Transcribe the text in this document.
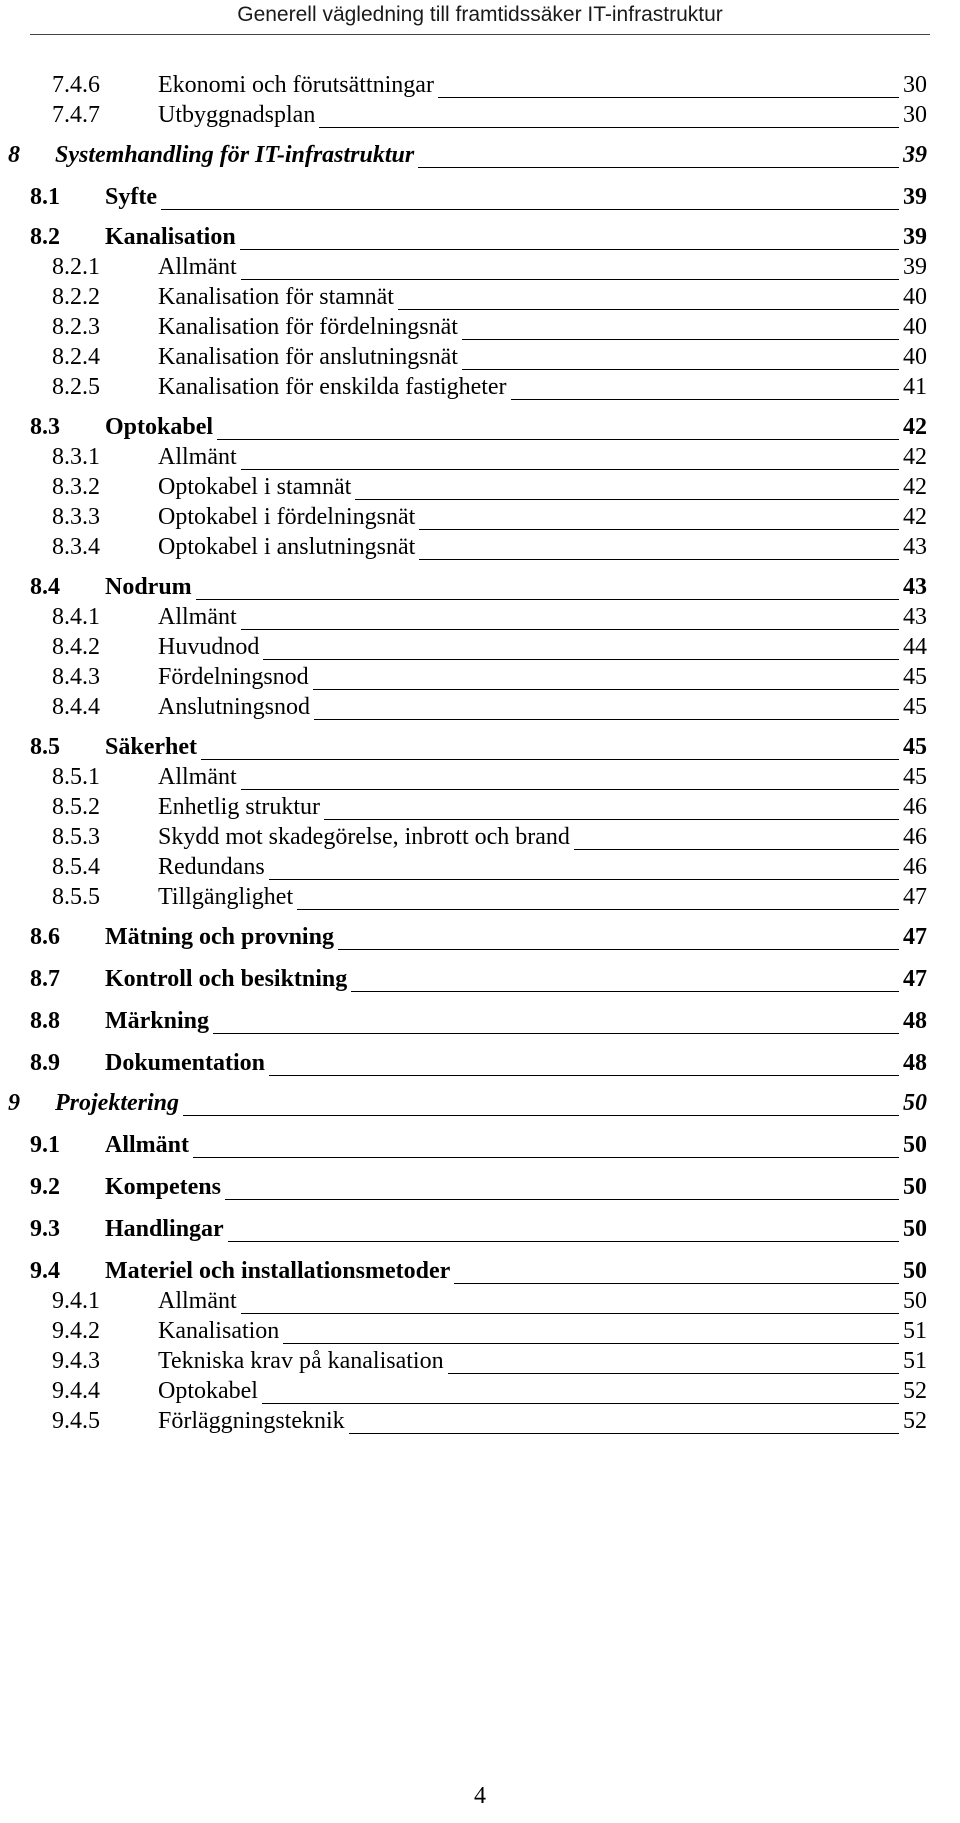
Generell vägledning till framtidssäker IT-infrastruktur
7.4.6 Ekonomi och förutsättningar	30
7.4.7 Utbyggnadsplan	30
8 Systemhandling för IT-infrastruktur	39
8.1 Syfte	39
8.2 Kanalisation	39
8.2.1 Allmänt	39
8.2.2 Kanalisation för stamnät	40
8.2.3 Kanalisation för fördelningsnät	40
8.2.4 Kanalisation för anslutningsnät	40
8.2.5 Kanalisation för enskilda fastigheter	41
8.3 Optokabel	42
8.3.1 Allmänt	42
8.3.2 Optokabel i stamnät	42
8.3.3 Optokabel i fördelningsnät	42
8.3.4 Optokabel i anslutningsnät	43
8.4 Nodrum	43
8.4.1 Allmänt	43
8.4.2 Huvudnod	44
8.4.3 Fördelningsnod	45
8.4.4 Anslutningsnod	45
8.5 Säkerhet	45
8.5.1 Allmänt	45
8.5.2 Enhetlig struktur	46
8.5.3 Skydd mot skadegörelse, inbrott och brand	46
8.5.4 Redundans	46
8.5.5 Tillgänglighet	47
8.6 Mätning och provning	47
8.7 Kontroll och besiktning	47
8.8 Märkning	48
8.9 Dokumentation	48
9 Projektering	50
9.1 Allmänt	50
9.2 Kompetens	50
9.3 Handlingar	50
9.4 Materiel och installationsmetoder	50
9.4.1 Allmänt	50
9.4.2 Kanalisation	51
9.4.3 Tekniska krav på kanalisation	51
9.4.4 Optokabel	52
9.4.5 Förläggningsteknik	52
4
